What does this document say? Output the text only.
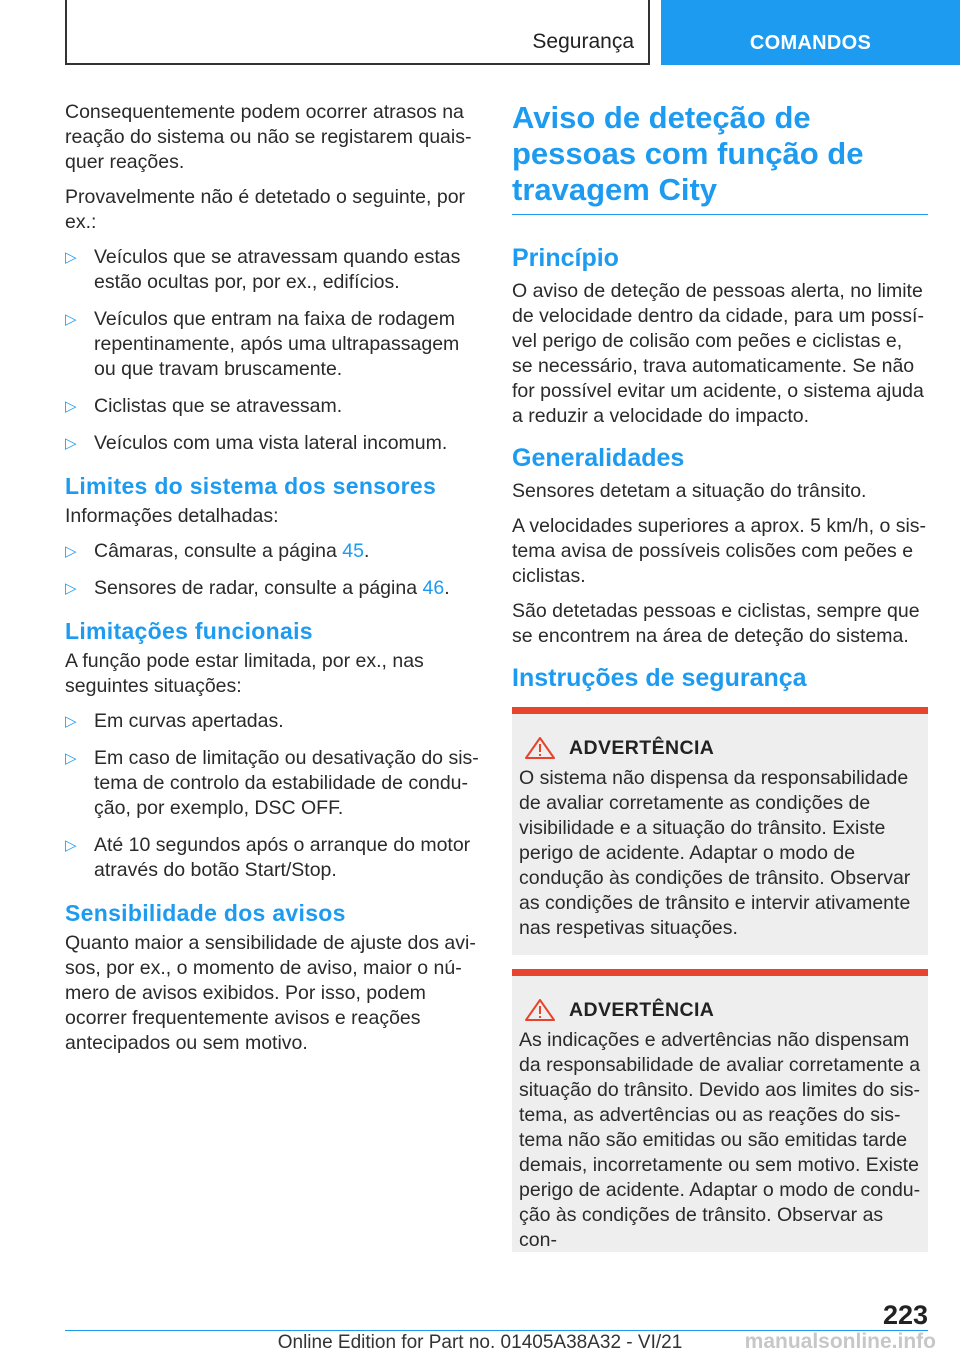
Segurança	COMANDOS

Consequentemente podem ocorrer atrasos na reação do sistema ou não se registarem quaisquer reações.

Provavelmente não é detetado o seguinte, por ex.:

▷ Veículos que se atravessam quando estas estão ocultas por, por ex., edifícios.
▷ Veículos que entram na faixa de rodagem repentinamente, após uma ultrapassagem ou que travam bruscamente.
▷ Ciclistas que se atravessam.
▷ Veículos com uma vista lateral incomum.
Limites do sistema dos sensores

Informações detalhadas:

▷ Câmaras, consulte a página 45.
▷ Sensores de radar, consulte a página 46.
Limitações funcionais

A função pode estar limitada, por ex., nas seguintes situações:

▷ Em curvas apertadas.
▷ Em caso de limitação ou desativação do sistema de controlo da estabilidade de condução, por exemplo, DSC OFF.
▷ Até 10 segundos após o arranque do motor através do botão Start/Stop.
Sensibilidade dos avisos

Quanto maior a sensibilidade de ajuste dos avisos, por ex., o momento de aviso, maior o número de avisos exibidos. Por isso, podem ocorrer frequentemente avisos e reações antecipados ou sem motivo.

Aviso de deteção de pessoas com função de travagem City
Princípio

O aviso de deteção de pessoas alerta, no limite de velocidade dentro da cidade, para um possível perigo de colisão com peões e ciclistas e, se necessário, trava automaticamente. Se não for possível evitar um acidente, o sistema ajuda a reduzir a velocidade do impacto.

Generalidades

Sensores detetam a situação do trânsito.

A velocidades superiores a aprox. 5 km/h, o sistema avisa de possíveis colisões com peões e ciclistas.

São detetadas pessoas e ciclistas, sempre que se encontrem na área de deteção do sistema.

Instruções de segurança
ADVERTÊNCIA

O sistema não dispensa da responsabilidade de avaliar corretamente as condições de visibilidade e a situação do trânsito. Existe perigo de acidente. Adaptar o modo de condução às condições de trânsito. Observar as condições de trânsito e intervir ativamente nas respetivas situações.

ADVERTÊNCIA

As indicações e advertências não dispensam da responsabilidade de avaliar corretamente a situação do trânsito. Devido aos limites do sistema, as advertências ou as reações do sistema não são emitidas ou são emitidas tarde demais, incorretamente ou sem motivo. Existe perigo de acidente. Adaptar o modo de condução às condições de trânsito. Observar as con-

223
manualsonline.info
Online Edition for Part no. 01405A38A32 - VI/21
